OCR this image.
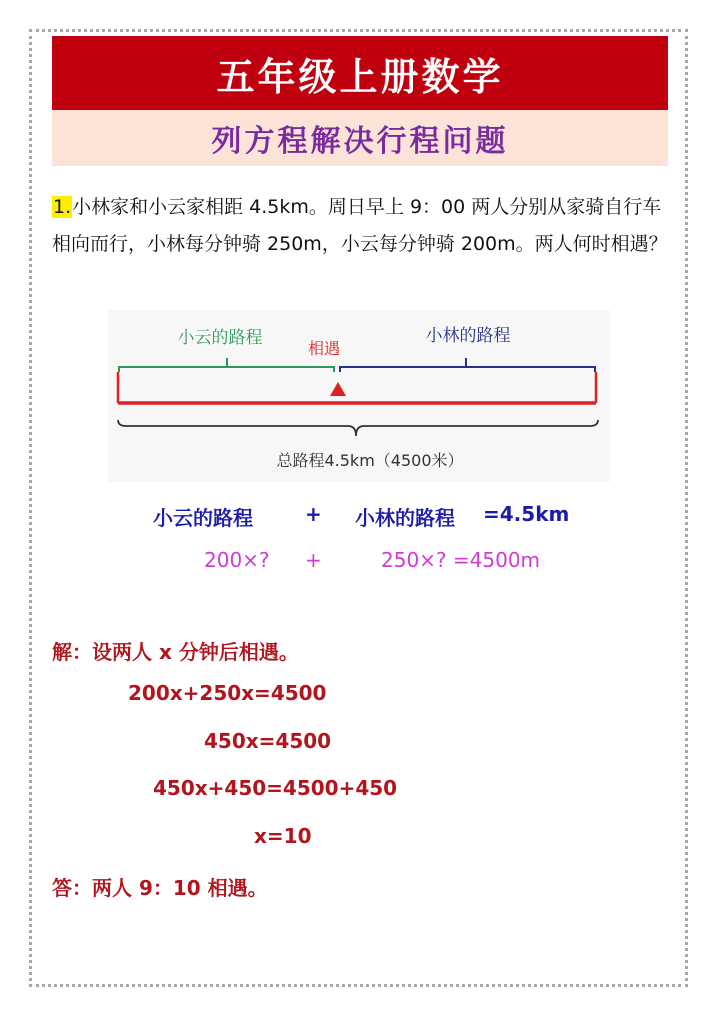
五年级上册数学
列方程解决行程问题
1.小林家和小云家相距 4.5km。周日早上 9：00 两人分别从家骑自行车相向而行，小林每分钟骑 250m，小云每分钟骑 200m。两人何时相遇？
小云的路程	小林的路程
相遇
总路程4.5km（4500米）
小云的路程	+ 小林的路程 =4.5km
200×? +	250×? =4500m
解：设两人 x 分钟后相遇。
200x+250x=4500
450x=4500
450x+450=4500+450
x=10
答：两人 9：10 相遇。
